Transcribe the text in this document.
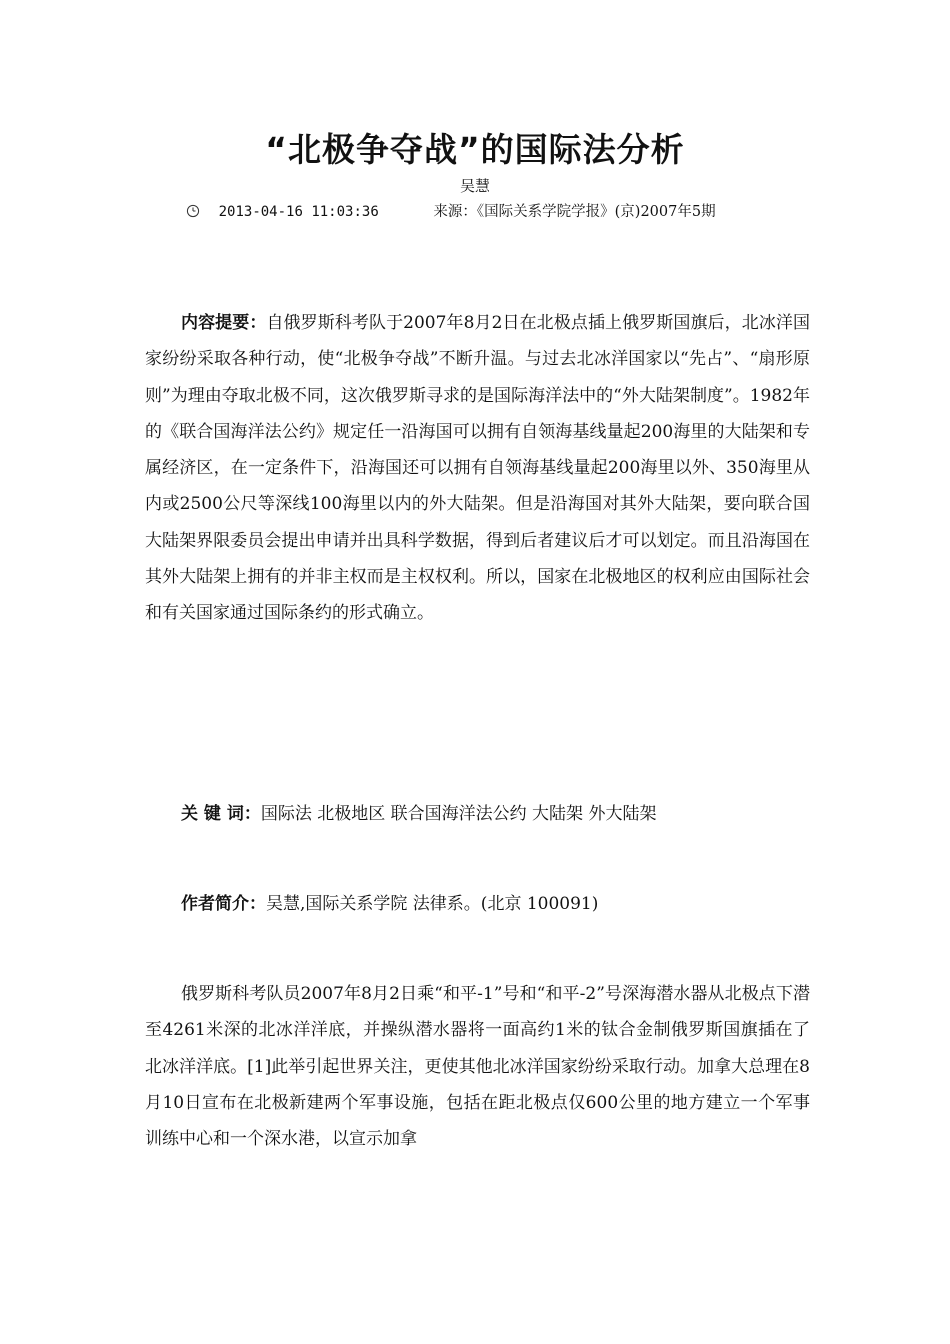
“北极争夺战”的国际法分析
吴慧
2013-04-16 11:03:36	来源：《国际关系学院学报》(京)2007年5期
内容提要：自俄罗斯科考队于2007年8月2日在北极点插上俄罗斯国旗后，北冰洋国家纷纷采取各种行动，使“北极争夺战”不断升温。与过去北冰洋国家以“先占”、“扇形原则”为理由夺取北极不同，这次俄罗斯寻求的是国际海洋法中的“外大陆架制度”。1982年的《联合国海洋法公约》规定任一沿海国可以拥有自领海基线量起200海里的大陆架和专属经济区，在一定条件下，沿海国还可以拥有自领海基线量起200海里以外、350海里从内或2500公尺等深线100海里以内的外大陆架。但是沿海国对其外大陆架，要向联合国大陆架界限委员会提出申请并出具科学数据，得到后者建议后才可以划定。而且沿海国在其外大陆架上拥有的并非主权而是主权权利。所以，国家在北极地区的权利应由国际社会和有关国家通过国际条约的形式确立。
关 键 词：国际法 北极地区 联合国海洋法公约 大陆架 外大陆架
作者简介：吴慧,国际关系学院 法律系。(北京 100091)
俄罗斯科考队员2007年8月2日乘“和平-1”号和“和平-2”号深海潜水器从北极点下潜至4261米深的北冰洋洋底，并操纵潜水器将一面高约1米的钛合金制俄罗斯国旗插在了北冰洋洋底。[1]此举引起世界关注，更使其他北冰洋国家纷纷采取行动。加拿大总理在8月10日宣布在北极新建两个军事设施，包括在距北极点仅600公里的地方建立一个军事训练中心和一个深水港，以宣示加拿
